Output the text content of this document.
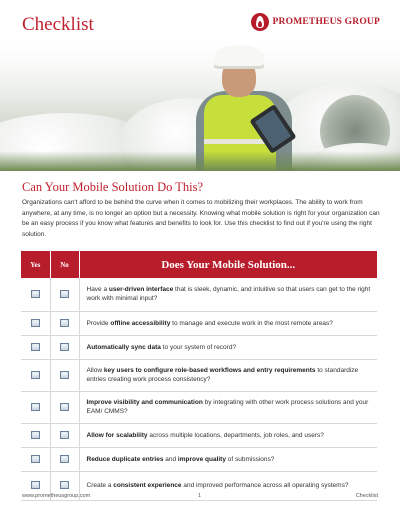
Checklist	PROMETHEUS GROUP
Can Your Mobile Solution Do This?

Organizations can't afford to be behind the curve when it comes to mobilizing their workplaces. The ability to work from anywhere, at any time, is no longer an option but a necessity. Knowing what mobile solution is right for your organization can be an easy process if you know what features and benefits to look for. Use this checklist to find out if you're using the right solution.

Yes	No	Does Your Mobile Solution...
		Have a user-driven interface that is sleek, dynamic, and intuitive so that users can get to the right work with minimal input?
		Provide offline accessibility to manage and execute work in the most remote areas?
		Automatically sync data to your system of record?
		Allow key users to configure role-based workflows and entry requirements to standardize entries creating work process consistency?
		Improve visibility and communication by integrating with other work process solutions and your EAM/ CMMS?
		Allow for scalability across multiple locations, departments, job roles, and users?
		Reduce duplicate entries and improve quality of submissions?
		Create a consistent experience and improved performance across all operating systems?
www.prometheusgroup.com	1	Checklist
